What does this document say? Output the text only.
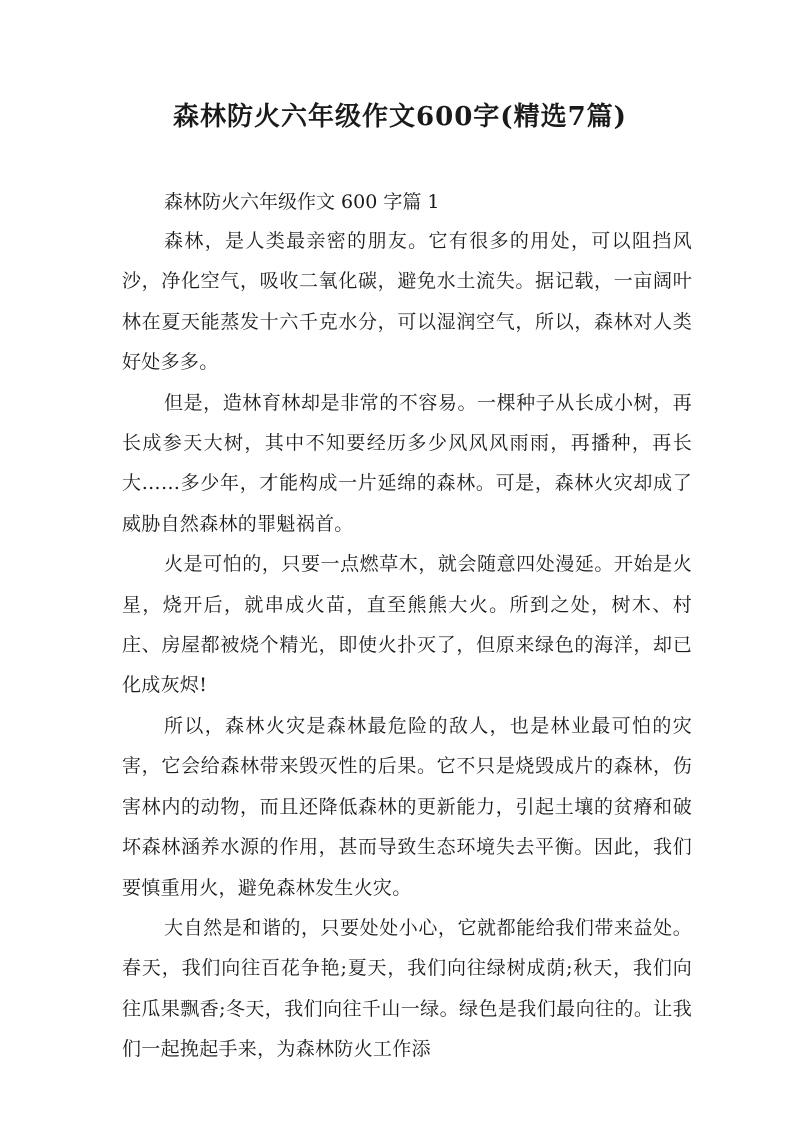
森林防火六年级作文600字(精选7篇)
森林防火六年级作文 600 字篇 1

森林，是人类最亲密的朋友。它有很多的用处，可以阻挡风沙，净化空气，吸收二氧化碳，避免水土流失。据记载，一亩阔叶林在夏天能蒸发十六千克水分，可以湿润空气，所以，森林对人类好处多多。

但是，造林育林却是非常的不容易。一棵种子从长成小树，再长成参天大树，其中不知要经历多少风风风雨雨，再播种，再长大……多少年，才能构成一片延绵的森林。可是，森林火灾却成了威胁自然森林的罪魁祸首。

火是可怕的，只要一点燃草木，就会随意四处漫延。开始是火星，烧开后，就串成火苗，直至熊熊大火。所到之处，树木、村庄、房屋都被烧个精光，即使火扑灭了，但原来绿色的海洋，却已化成灰烬!

所以，森林火灾是森林最危险的敌人，也是林业最可怕的灾害，它会给森林带来毁灭性的后果。它不只是烧毁成片的森林，伤害林内的动物，而且还降低森林的更新能力，引起土壤的贫瘠和破坏森林涵养水源的作用，甚而导致生态环境失去平衡。因此，我们要慎重用火，避免森林发生火灾。

大自然是和谐的，只要处处小心，它就都能给我们带来益处。春天，我们向往百花争艳;夏天，我们向往绿树成荫;秋天，我们向往瓜果飘香;冬天，我们向往千山一绿。绿色是我们最向往的。让我们一起挽起手来，为森林防火工作添
